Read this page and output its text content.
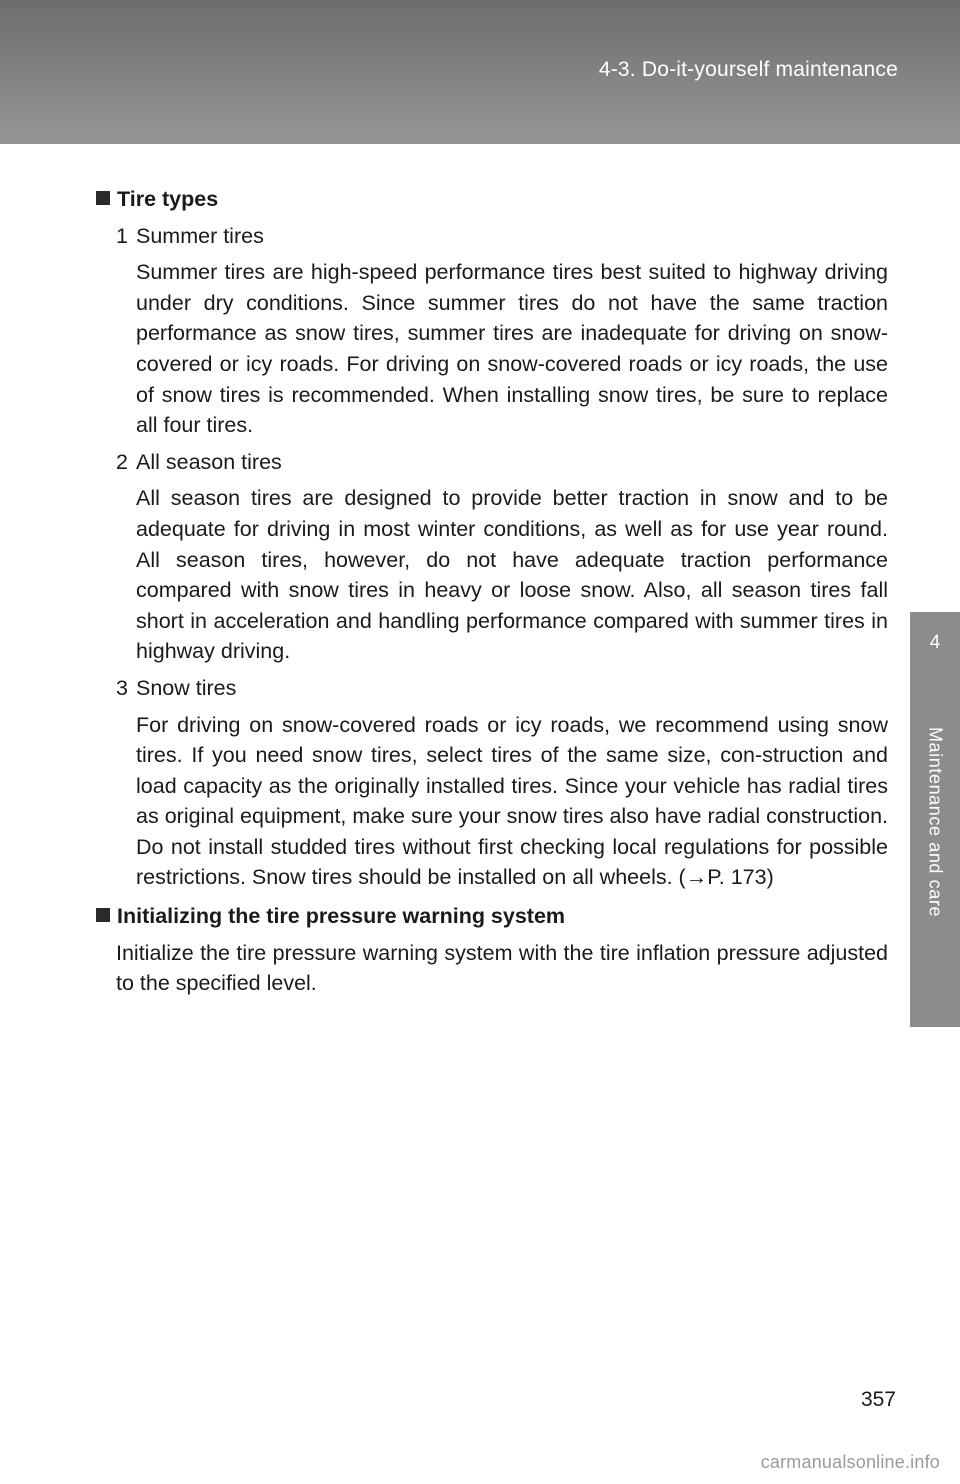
4-3. Do-it-yourself maintenance
4
Maintenance and care

Tire types

1 Summer tires

Summer tires are high-speed performance tires best suited to highway driving under dry conditions. Since summer tires do not have the same traction performance as snow tires, summer tires are inadequate for driving on snow-covered or icy roads. For driving on snow-covered roads or icy roads, the use of snow tires is recommended. When installing snow tires, be sure to replace all four tires.

2 All season tires

All season tires are designed to provide better traction in snow and to be adequate for driving in most winter conditions, as well as for use year round. All season tires, however, do not have adequate traction performance compared with snow tires in heavy or loose snow. Also, all season tires fall short in acceleration and handling performance compared with summer tires in highway driving.

3 Snow tires

For driving on snow-covered roads or icy roads, we recommend using snow tires. If you need snow tires, select tires of the same size, con-struction and load capacity as the originally installed tires. Since your vehicle has radial tires as original equipment, make sure your snow tires also have radial construction. Do not install studded tires without first checking local regulations for possible restrictions. Snow tires should be installed on all wheels. (→P. 173)

Initializing the tire pressure warning system

Initialize the tire pressure warning system with the tire inflation pressure adjusted to the specified level.

357
carmanualsonline.info
